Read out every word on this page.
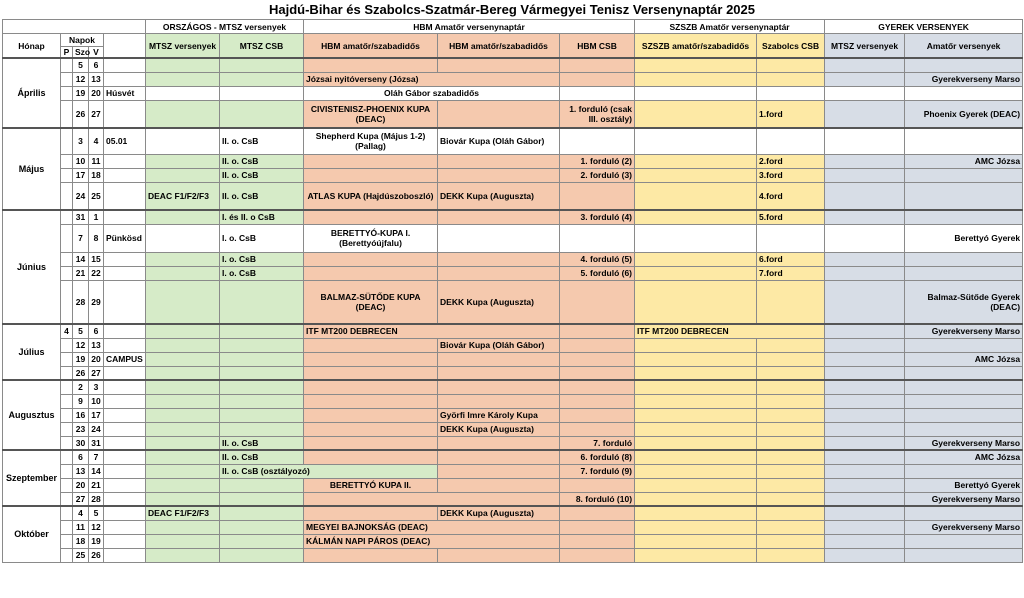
Hajdú-Bihar és Szabolcs-Szatmár-Bereg Vármegyei Tenisz Versenynaptár 2025
					ORSZÁGOS - MTSZ versenyek		HBM Amatőr versenynaptár			SZSZB Amatőr versenynaptár		GYEREK VERSENYEK	
Hónap	Napok				MTSZ versenyek	MTSZ CSB	HBM amatőr/szabadidős	HBM amatőr/szabadidős	HBM CSB	SZSZB amatőr/szabadidős	Szabolcs CSB	MTSZ versenyek	Amatőr versenyek
	P	Szo	V										
Április		5	6										
		12	13				Józsai nyitóverseny (Józsa)						Gyerekverseny Marso
		19	20	Húsvét			Oláh Gábor szabadidős						
		26	27				CIVISTENISZ-PHOENIX KUPA (DEAC)		1. forduló (csak III. osztály)		1.ford		Phoenix Gyerek (DEAC)
Május		3	4	05.01		II. o. CsB	Shepherd Kupa (Május 1-2) (Pallag)	Biovár Kupa (Oláh Gábor)					
		10	11			II. o. CsB			1. forduló (2)		2.ford		AMC Józsa
		17	18			II. o. CsB			2. forduló (3)		3.ford		
		24	25		DEAC F1/F2/F3	II. o. CsB	ATLAS KUPA (Hajdúszoboszló)	DEKK Kupa (Auguszta)			4.ford		
Június		31	1			I. és II. o CsB			3. forduló (4)		5.ford		
		7	8	Pünkösd		I. o. CsB	BERETTYÓ-KUPA I. (Berettyóújfalu)						Berettyó Gyerek
		14	15			I. o. CsB			4. forduló (5)		6.ford		
		21	22			I. o. CsB			5. forduló (6)		7.ford		
		28	29				BALMAZ-SÜTŐDE KUPA (DEAC)	DEKK Kupa (Auguszta)					Balmaz-Sütőde Gyerek (DEAC)
Július	4	5	6				ITF MT200 DEBRECEN			ITF MT200 DEBRECEN			Gyerekverseny Marso
		12	13					Biovár Kupa (Oláh Gábor)					
		19	20	CAMPUS									AMC Józsa
		26	27										
Augusztus		2	3										
		9	10										
		16	17					Györfi Imre Károly Kupa					
		23	24					DEKK Kupa (Auguszta)					
		30	31			II. o. CsB			7. forduló				Gyerekverseny Marso
Szeptember		6	7			II. o. CsB			6. forduló (8)				AMC Józsa
		13	14			II. o. CsB (osztályozó)			7. forduló (9)				
		20	21				BERETTYÓ KUPA II.						Berettyó Gyerek
		27	28						8. forduló (10)				Gyerekverseny Marso
Október		4	5		DEAC F1/F2/F3			DEKK Kupa (Auguszta)					
		11	12				MEGYEI BAJNOKSÁG (DEAC)						Gyerekverseny Marso
		18	19				KÁLMÁN NAPI PÁROS (DEAC)						
		25	26										
